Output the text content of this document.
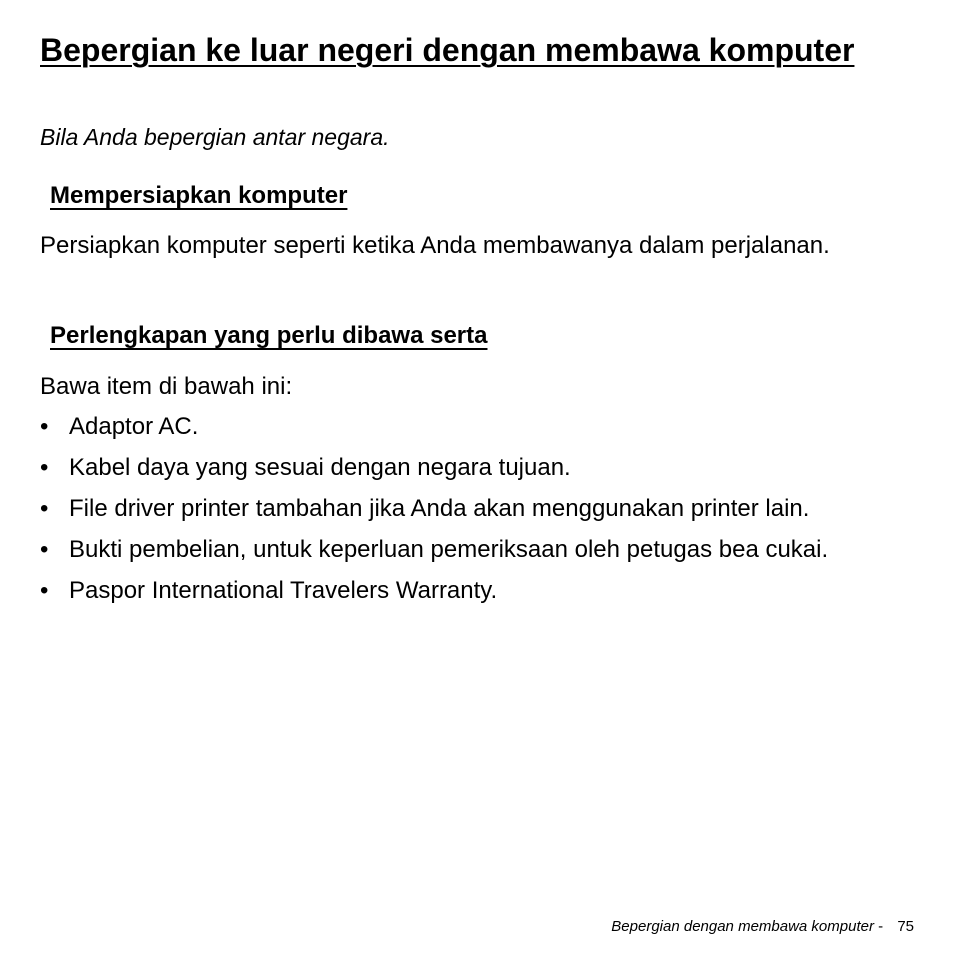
Bepergian ke luar negeri dengan membawa komputer

Bila Anda bepergian antar negara.

Mempersiapkan komputer

Persiapkan komputer seperti ketika Anda membawanya dalam perjalanan.

Perlengkapan yang perlu dibawa serta

Bawa item di bawah ini:

• Adaptor AC.
• Kabel daya yang sesuai dengan negara tujuan.
• File driver printer tambahan jika Anda akan menggunakan printer lain.
• Bukti pembelian, untuk keperluan pemeriksaan oleh petugas bea cukai.
• Paspor International Travelers Warranty.
Bepergian dengan membawa komputer - 75
